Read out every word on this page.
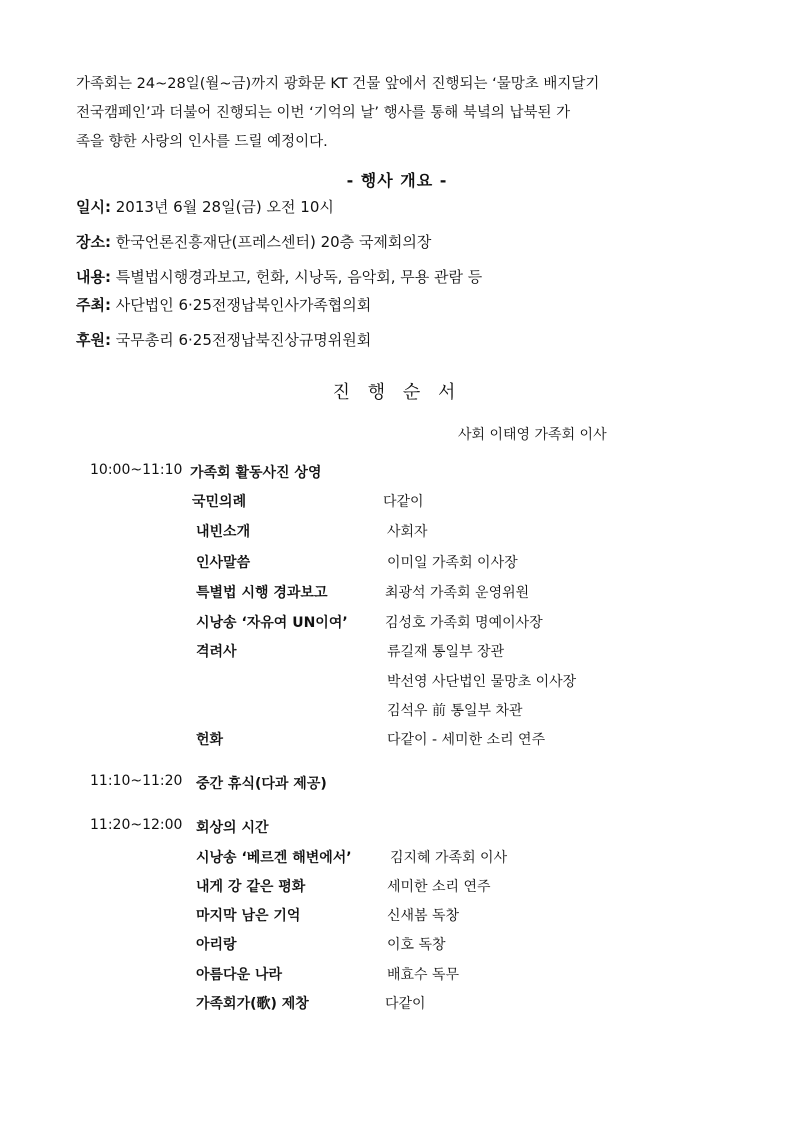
가족회는 24~28일(월~금)까지 광화문 KT 건물 앞에서 진행되는 ‘물망초 배지달기
전국캠페인’과 더불어 진행되는 이번 ‘기억의 날’ 행사를 통해 북녘의 납북된 가
족을 향한 사랑의 인사를 드릴 예정이다.
- 행사 개요 -
일시: 2013년 6월 28일(금) 오전 10시
장소: 한국언론진흥재단(프레스센터) 20층 국제회의장
내용: 특별법시행경과보고, 헌화, 시낭독, 음악회, 무용 관람 등
주최: 사단법인 6·25전쟁납북인사가족협의회
후원: 국무총리 6·25전쟁납북진상규명위원회
진 행 순 서
사회 이태영 가족회 이사
10:00~11:10 가족회 활동사진 상영
국민의례	다같이
내빈소개	사회자
인사말씀	이미일 가족회 이사장
특별법 시행 경과보고	최광석 가족회 운영위원
시낭송 ‘자유여 UN이여’	김성호 가족회 명예이사장
격려사	류길재 통일부 장관
박선영 사단법인 물망초 이사장
김석우 前 통일부 차관
헌화	다같이 - 세미한 소리 연주
11:10~11:20 중간 휴식(다과 제공)
11:20~12:00 회상의 시간
시낭송 ‘베르겐 해변에서’	김지혜 가족회 이사
내게 강 같은 평화	세미한 소리 연주
마지막 남은 기억	신새봄 독창
아리랑	이호 독창
아름다운 나라	배효수 독무
가족회가(歌) 제창	다같이
